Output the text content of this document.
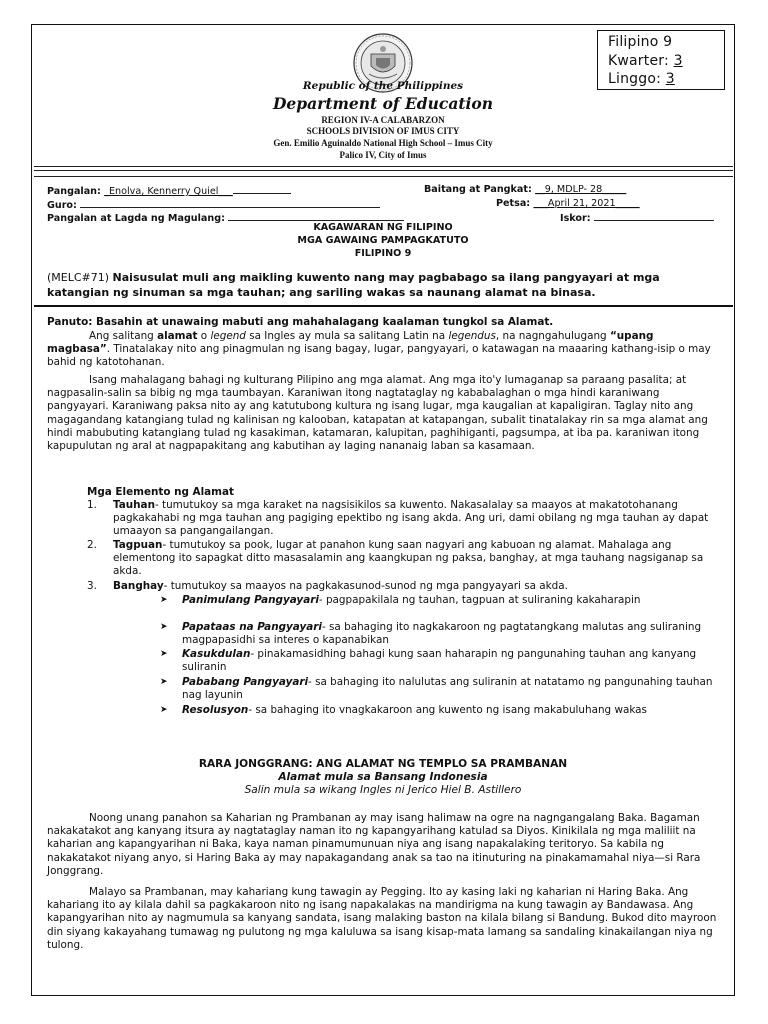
Filipino 9
Kwarter: 3
Linggo: 3
Republic of the Philippines
Department of Education
REGION IV-A CALABARZON
SCHOOLS DIVISION OF IMUS CITY
Gen. Emilio Aguinaldo National High School – Imus City
Palico IV, City of Imus
Pangalan: _Enolva, Kennerry Quiel___	Baitang at Pangkat: __9, MDLP- 28_____
Guro:	Petsa: ___April 21, 2021_____
Pangalan at Lagda ng Magulang:	Iskor:
KAGAWARAN NG FILIPINO
MGA GAWAING PAMPAGKATUTO
FILIPINO 9
(MELC#71) Naisusulat muli ang maikling kuwento nang may pagbabago sa ilang pangyayari at mga katangian ng sinuman sa mga tauhan; ang sariling wakas sa naunang alamat na binasa.
Panuto: Basahin at unawaing mabuti ang mahahalagang kaalaman tungkol sa Alamat.

Ang salitang alamat o legend sa Ingles ay mula sa salitang Latin na legendus, na nagngahulugang “upang magbasa”. Tinatalakay nito ang pinagmulan ng isang bagay, lugar, pangyayari, o katawagan na maaaring kathang-isip o may bahid ng katotohanan.

Isang mahalagang bahagi ng kulturang Pilipino ang mga alamat. Ang mga ito'y lumaganap sa paraang pasalita; at nagpasalin-salin sa bibig ng mga taumbayan. Karaniwan itong nagtataglay ng kababalaghan o mga hindi karaniwang pangyayari. Karaniwang paksa nito ay ang katutubong kultura ng isang lugar, mga kaugalian at kapaligiran. Taglay nito ang magagandang katangiang tulad ng kalinisan ng kalooban, katapatan at katapangan, subalit tinatalakay rin sa mga alamat ang hindi mabubuting katangiang tulad ng kasakiman, katamaran, kalupitan, paghihiganti, pagsumpa, at iba pa. karaniwan itong kapupulutan ng aral at nagpapakitang ang kabutihan ay laging nananaig laban sa kasamaan.

Mga Elemento ng Alamat
1. Tauhan- tumutukoy sa mga karaket na nagsisikilos sa kuwento. Nakasalalay sa maayos at makatotohanang pagkakahabi ng mga tauhan ang pagiging epektibo ng isang akda. Ang uri, dami obilang ng mga tauhan ay dapat umaayon sa pangangailangan.
2. Tagpuan- tumutukoy sa pook, lugar at panahon kung saan nagyari ang kabuoan ng alamat. Mahalaga ang elementong ito sapagkat ditto masasalamin ang kaangkupan ng paksa, banghay, at mga tauhang nagsiganap sa akda.
3. Banghay- tumutukoy sa maayos na pagkakasunod-sunod ng mga pangyayari sa akda.
➤ Panimulang Pangyayari- pagpapakilala ng tauhan, tagpuan at suliraning kakaharapin
➤ Papataas na Pangyayari- sa bahaging ito nagkakaroon ng pagtatangkang malutas ang suliraning magpapasidhi sa interes o kapanabikan
➤ Kasukdulan- pinakamasidhing bahagi kung saan haharapin ng pangunahing tauhan ang kanyang suliranin
➤ Pababang Pangyayari- sa bahaging ito nalulutas ang suliranin at natatamo ng pangunahing tauhan nag layunin
➤ Resolusyon- sa bahaging ito vnagkakaroon ang kuwento ng isang makabuluhang wakas
RARA JONGGRANG: ANG ALAMAT NG TEMPLO SA PRAMBANAN
Alamat mula sa Bansang Indonesia
Salin mula sa wikang Ingles ni Jerico Hiel B. Astillero

Noong unang panahon sa Kaharian ng Prambanan ay may isang halimaw na ogre na nagngangalang Baka. Bagaman nakakatakot ang kanyang itsura ay nagtataglay naman ito ng kapangyarihang katulad sa Diyos. Kinikilala ng mga maliliit na kaharian ang kapangyarihan ni Baka, kaya naman pinamumunuan niya ang isang napakalaking teritoryo. Sa kabila ng nakakatakot niyang anyo, si Haring Baka ay may napakagandang anak sa tao na itinuturing na pinakamamahal niya—si Rara Jonggrang.

Malayo sa Prambanan, may kahariang kung tawagin ay Pegging. Ito ay kasing laki ng kaharian ni Haring Baka. Ang kahariang ito ay kilala dahil sa pagkakaroon nito ng isang napakalakas na mandirigma na kung tawagin ay Bandawasa. Ang kapangyarihan nito ay nagmumula sa kanyang sandata, isang malaking baston na kilala bilang si Bandung. Bukod dito mayroon din siyang kakayahang tumawag ng pulutong ng mga kaluluwa sa isang kisap-mata lamang sa sandaling kinakailangan niya ng tulong.
